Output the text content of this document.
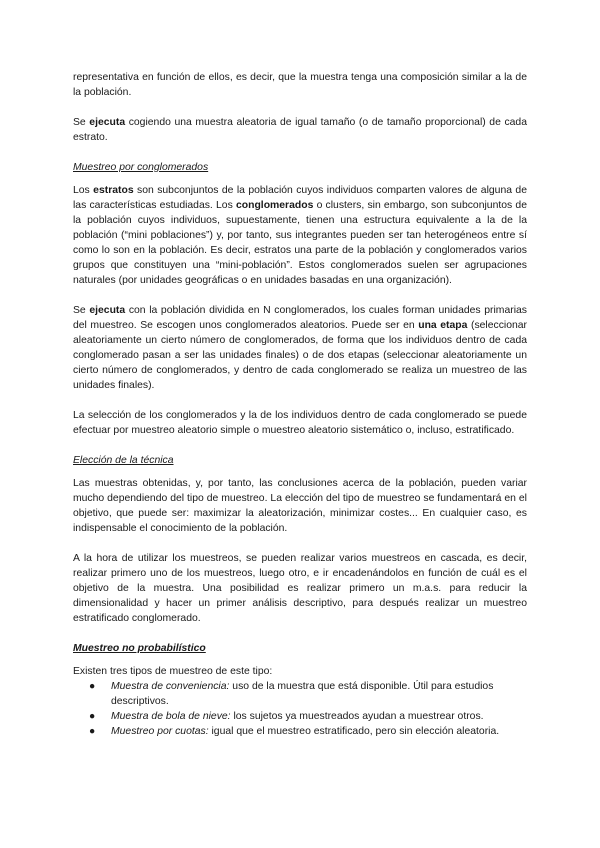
representativa en función de ellos, es decir, que la muestra tenga una composición similar a la de la población.

Se ejecuta cogiendo una muestra aleatoria de igual tamaño (o de tamaño proporcional) de cada estrato.

Muestreo por conglomerados

Los estratos son subconjuntos de la población cuyos individuos comparten valores de alguna de las características estudiadas. Los conglomerados o clusters, sin embargo, son subconjuntos de la población cuyos individuos, supuestamente, tienen una estructura equivalente a la de la población (“mini poblaciones”) y, por tanto, sus integrantes pueden ser tan heterogéneos entre sí como lo son en la población. Es decir, estratos una parte de la población y conglomerados varios grupos que constituyen una “mini-población”. Estos conglomerados suelen ser agrupaciones naturales (por unidades geográficas o en unidades basadas en una organización).

Se ejecuta con la población dividida en N conglomerados, los cuales forman unidades primarias del muestreo. Se escogen unos conglomerados aleatorios. Puede ser en una etapa (seleccionar aleatoriamente un cierto número de conglomerados, de forma que los individuos dentro de cada conglomerado pasan a ser las unidades finales) o de dos etapas (seleccionar aleatoriamente un cierto número de conglomerados, y dentro de cada conglomerado se realiza un muestreo de las unidades finales).

La selección de los conglomerados y la de los individuos dentro de cada conglomerado se puede efectuar por muestreo aleatorio simple o muestreo aleatorio sistemático o, incluso, estratificado.

Elección de la técnica

Las muestras obtenidas, y, por tanto, las conclusiones acerca de la población, pueden variar mucho dependiendo del tipo de muestreo. La elección del tipo de muestreo se fundamentará en el objetivo, que puede ser: maximizar la aleatorización, minimizar costes... En cualquier caso, es indispensable el conocimiento de la población.

A la hora de utilizar los muestreos, se pueden realizar varios muestreos en cascada, es decir, realizar primero uno de los muestreos, luego otro, e ir encadenándolos en función de cuál es el objetivo de la muestra. Una posibilidad es realizar primero un m.a.s. para reducir la dimensionalidad y hacer un primer análisis descriptivo, para después realizar un muestreo estratificado conglomerado.

Muestreo no probabilístico

Existen tres tipos de muestreo de este tipo:

● Muestra de conveniencia: uso de la muestra que está disponible. Útil para estudios descriptivos.
● Muestra de bola de nieve: los sujetos ya muestreados ayudan a muestrear otros.
● Muestreo por cuotas: igual que el muestreo estratificado, pero sin elección aleatoria.
